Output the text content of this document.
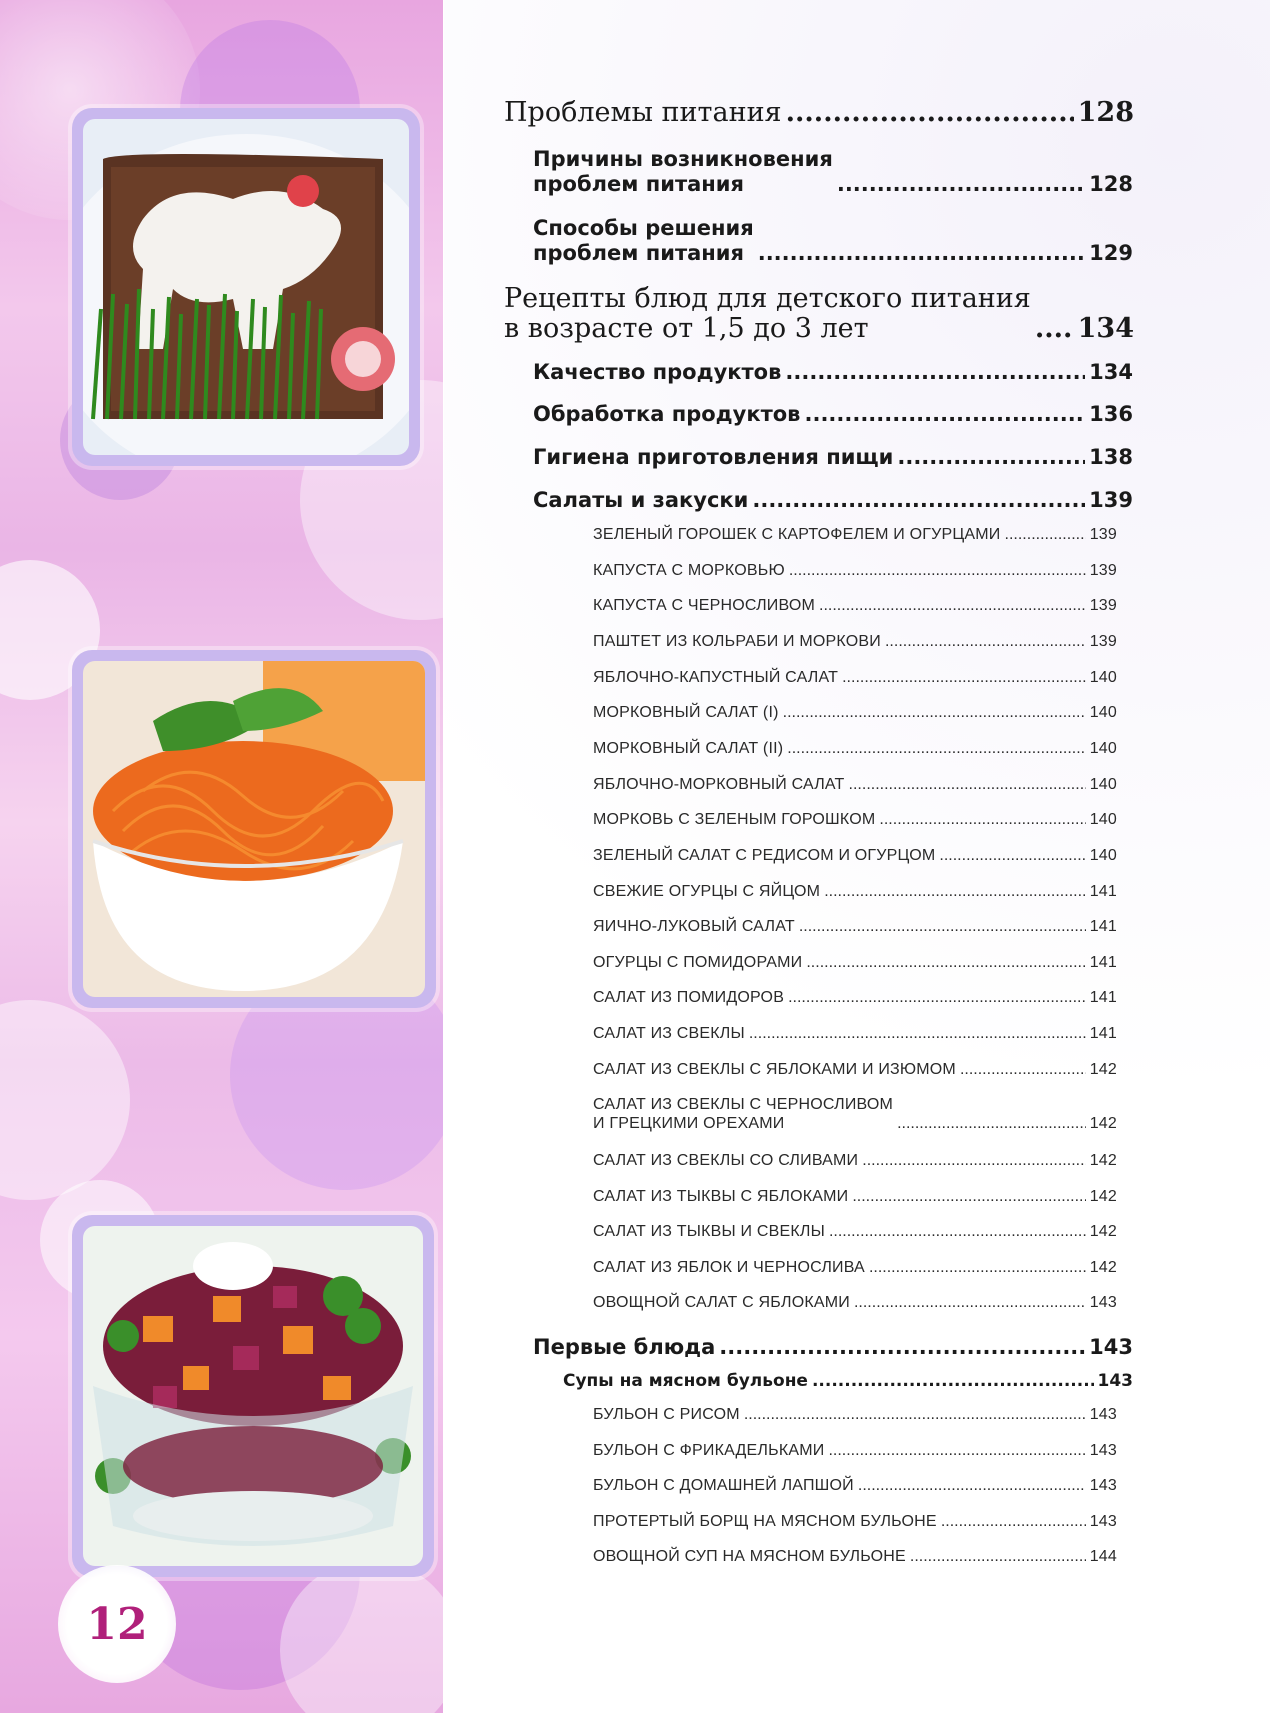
12
Проблемы питания .....	128
Причины возникновения
проблем питания .....	128
Способы решения
проблем питания .....	129
Рецепты блюд для детского питания
в возрасте от 1,5 до 3 лет .....	134
Качество продуктов .....	134
Обработка продуктов .....	136
Гигиена приготовления пищи .....	138
Салаты и закуски .....	139
ЗЕЛЕНЫЙ ГОРОШЕК С КАРТОФЕЛЕМ И ОГУРЦАМИ .....	139
КАПУСТА С МОРКОВЬЮ .....	139
КАПУСТА С ЧЕРНОСЛИВОМ .....	139
ПАШТЕТ ИЗ КОЛЬРАБИ И МОРКОВИ .....	139
ЯБЛОЧНО-КАПУСТНЫЙ САЛАТ .....	140
МОРКОВНЫЙ САЛАТ (I) .....	140
МОРКОВНЫЙ САЛАТ (II) .....	140
ЯБЛОЧНО-МОРКОВНЫЙ САЛАТ .....	140
МОРКОВЬ С ЗЕЛЕНЫМ ГОРОШКОМ .....	140
ЗЕЛЕНЫЙ САЛАТ С РЕДИСОМ И ОГУРЦОМ .....	140
СВЕЖИЕ ОГУРЦЫ С ЯЙЦОМ .....	141
ЯИЧНО-ЛУКОВЫЙ САЛАТ .....	141
ОГУРЦЫ С ПОМИДОРАМИ .....	141
САЛАТ ИЗ ПОМИДОРОВ .....	141
САЛАТ ИЗ СВЕКЛЫ .....	141
САЛАТ ИЗ СВЕКЛЫ С ЯБЛОКАМИ И ИЗЮМОМ .....	142
САЛАТ ИЗ СВЕКЛЫ С ЧЕРНОСЛИВОМ
И ГРЕЦКИМИ ОРЕХАМИ .....	142
САЛАТ ИЗ СВЕКЛЫ СО СЛИВАМИ .....	142
САЛАТ ИЗ ТЫКВЫ С ЯБЛОКАМИ .....	142
САЛАТ ИЗ ТЫКВЫ И СВЕКЛЫ .....	142
САЛАТ ИЗ ЯБЛОК И ЧЕРНОСЛИВА .....	142
ОВОЩНОЙ САЛАТ С ЯБЛОКАМИ .....	143
Первые блюда .....	143
Супы на мясном бульоне .....	143
БУЛЬОН С РИСОМ .....	143
БУЛЬОН С ФРИКАДЕЛЬКАМИ .....	143
БУЛЬОН С ДОМАШНЕЙ ЛАПШОЙ .....	143
ПРОТЕРТЫЙ БОРЩ НА МЯСНОМ БУЛЬОНЕ .....	143
ОВОЩНОЙ СУП НА МЯСНОМ БУЛЬОНЕ .....	144
